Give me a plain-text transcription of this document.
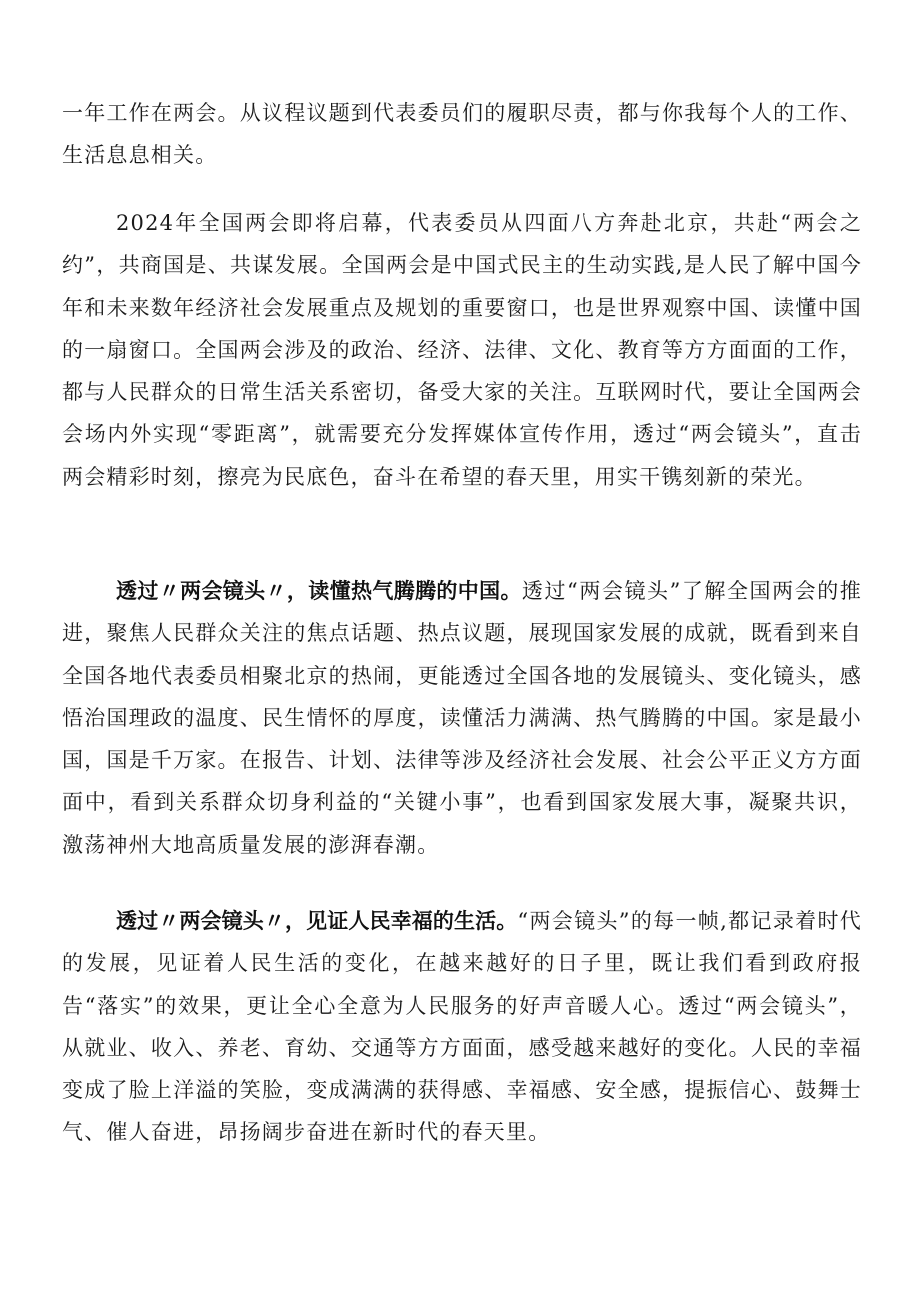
一年工作在两会。从议程议题到代表委员们的履职尽责，都与你我每个人的工作、生活息息相关。

2024年全国两会即将启幕，代表委员从四面八方奔赴北京，共赴“两会之约”，共商国是、共谋发展。全国两会是中国式民主的生动实践,是人民了解中国今年和未来数年经济社会发展重点及规划的重要窗口，也是世界观察中国、读懂中国的一扇窗口。全国两会涉及的政治、经济、法律、文化、教育等方方面面的工作，都与人民群众的日常生活关系密切，备受大家的关注。互联网时代，要让全国两会会场内外实现“零距离”，就需要充分发挥媒体宣传作用，透过“两会镜头”，直击两会精彩时刻，擦亮为民底色，奋斗在希望的春天里，用实干镌刻新的荣光。

透过〃两会镜头〃，读懂热气腾腾的中国。透过“两会镜头”了解全国两会的推进，聚焦人民群众关注的焦点话题、热点议题，展现国家发展的成就，既看到来自全国各地代表委员相聚北京的热闹，更能透过全国各地的发展镜头、变化镜头，感悟治国理政的温度、民生情怀的厚度，读懂活力满满、热气腾腾的中国。家是最小国，国是千万家。在报告、计划、法律等涉及经济社会发展、社会公平正义方方面面中，看到关系群众切身利益的“关键小事”，也看到国家发展大事，凝聚共识，激荡神州大地高质量发展的澎湃春潮。

透过〃两会镜头〃，见证人民幸福的生活。“两会镜头”的每一帧,都记录着时代的发展，见证着人民生活的变化，在越来越好的日子里，既让我们看到政府报告“落实”的效果，更让全心全意为人民服务的好声音暖人心。透过“两会镜头”，从就业、收入、养老、育幼、交通等方方面面，感受越来越好的变化。人民的幸福变成了脸上洋溢的笑脸，变成满满的获得感、幸福感、安全感，提振信心、鼓舞士气、催人奋进，昂扬阔步奋进在新时代的春天里。
